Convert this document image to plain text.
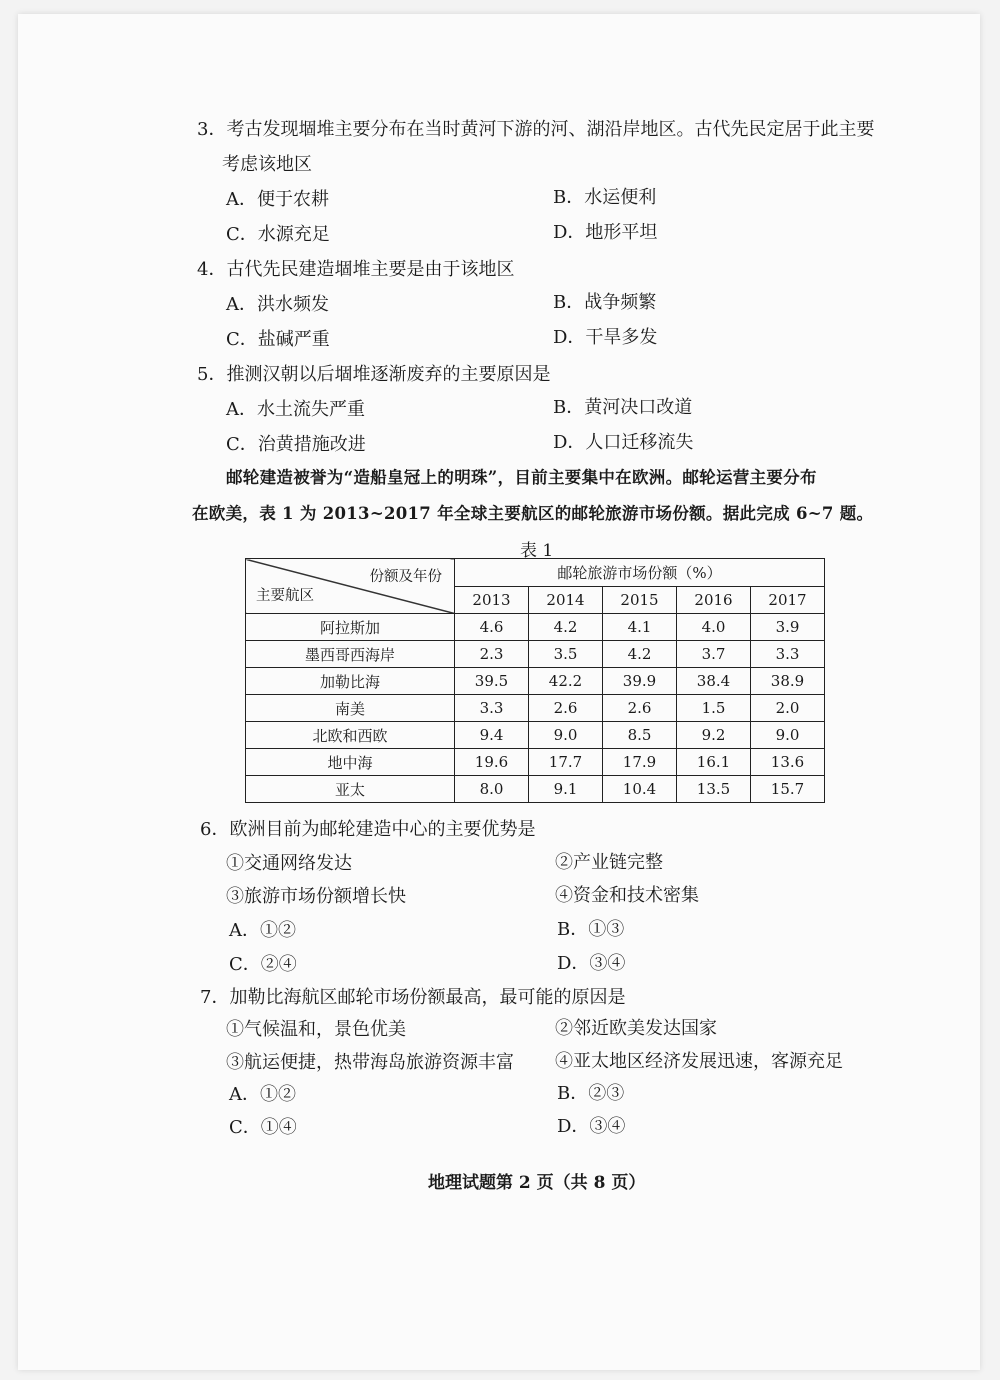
3．考古发现堌堆主要分布在当时黄河下游的河、湖沿岸地区。古代先民定居于此主要
考虑该地区
A．便于农耕	B．水运便利
C．水源充足	D．地形平坦
4．古代先民建造堌堆主要是由于该地区
A．洪水频发	B．战争频繁
C．盐碱严重	D．干旱多发
5．推测汉朝以后堌堆逐渐废弃的主要原因是
A．水土流失严重	B．黄河决口改道
C．治黄措施改进	D．人口迁移流失
邮轮建造被誉为“造船皇冠上的明珠”，目前主要集中在欧洲。邮轮运营主要分布
在欧美，表 1 为 2013~2017 年全球主要航区的邮轮旅游市场份额。据此完成 6~7 题。
表 1
份额及年份
主要航区	邮轮旅游市场份额（%）				
	2013	2014	2015	2016	2017
阿拉斯加	4.6	4.2	4.1	4.0	3.9
墨西哥西海岸	2.3	3.5	4.2	3.7	3.3
加勒比海	39.5	42.2	39.9	38.4	38.9
南美	3.3	2.6	2.6	1.5	2.0
北欧和西欧	9.4	9.0	8.5	9.2	9.0
地中海	19.6	17.7	17.9	16.1	13.6
亚太	8.0	9.1	10.4	13.5	15.7
6．欧洲目前为邮轮建造中心的主要优势是
①交通网络发达	②产业链完整
③旅游市场份额增长快	④资金和技术密集
A．①②	B．①③
C．②④	D．③④
7．加勒比海航区邮轮市场份额最高，最可能的原因是
①气候温和，景色优美	②邻近欧美发达国家
③航运便捷，热带海岛旅游资源丰富 ④亚太地区经济发展迅速，客源充足
A．①②	B．②③
C．①④	D．③④
地理试题第 2 页（共 8 页）
